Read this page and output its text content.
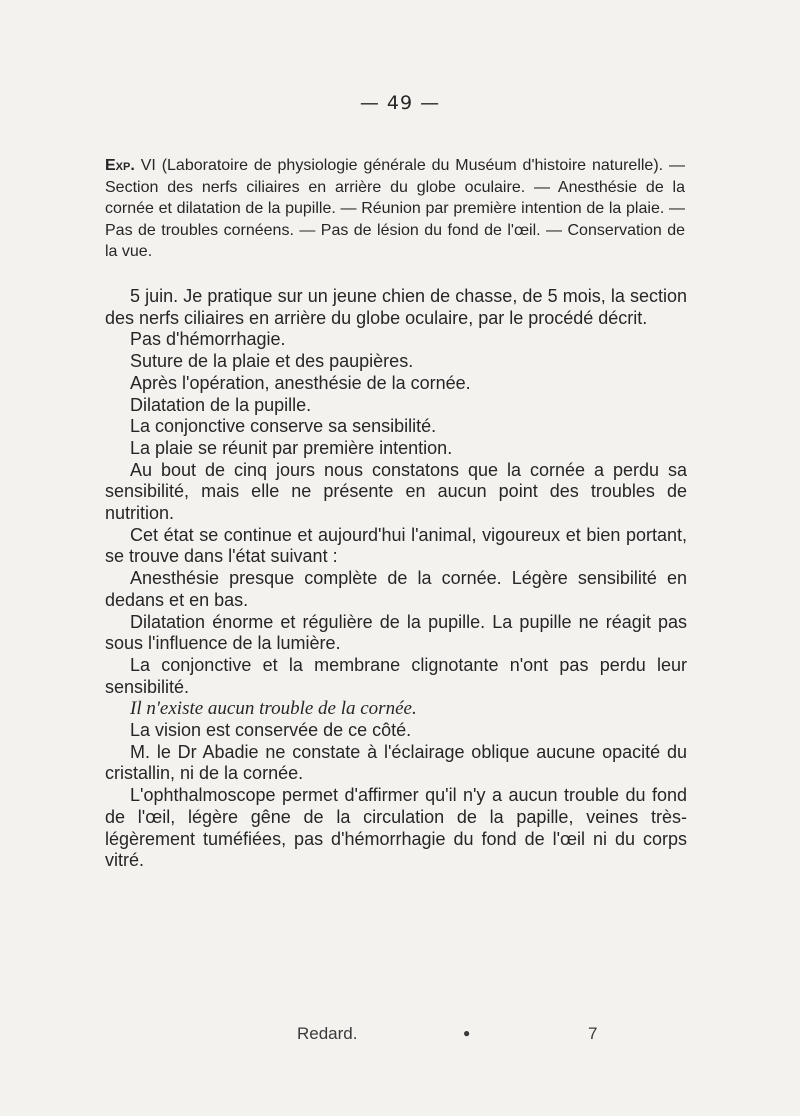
— 49 —
Exp. VI (Laboratoire de physiologie générale du Muséum d'histoire naturelle). — Section des nerfs ciliaires en arrière du globe oculaire. — Anesthésie de la cornée et dilatation de la pupille. — Réunion par première intention de la plaie. — Pas de troubles cornéens. — Pas de lésion du fond de l'œil. — Conservation de la vue.

5 juin. Je pratique sur un jeune chien de chasse, de 5 mois, la section des nerfs ciliaires en arrière du globe oculaire, par le procédé décrit.

Pas d'hémorrhagie.

Suture de la plaie et des paupières.

Après l'opération, anesthésie de la cornée.

Dilatation de la pupille.

La conjonctive conserve sa sensibilité.

La plaie se réunit par première intention.

Au bout de cinq jours nous constatons que la cornée a perdu sa sensibilité, mais elle ne présente en aucun point des troubles de nutrition.

Cet état se continue et aujourd'hui l'animal, vigoureux et bien portant, se trouve dans l'état suivant :

Anesthésie presque complète de la cornée. Légère sensibilité en dedans et en bas.

Dilatation énorme et régulière de la pupille. La pupille ne réagit pas sous l'influence de la lumière.

La conjonctive et la membrane clignotante n'ont pas perdu leur sensibilité.

Il n'existe aucun trouble de la cornée.

La vision est conservée de ce côté.

M. le Dr Abadie ne constate à l'éclairage oblique aucune opacité du cristallin, ni de la cornée.

L'ophthalmoscope permet d'affirmer qu'il n'y a aucun trouble du fond de l'œil, légère gêne de la circulation de la papille, veines très-légèrement tuméfiées, pas d'hémorrhagie du fond de l'œil ni du corps vitré.

Redard.	●	7
